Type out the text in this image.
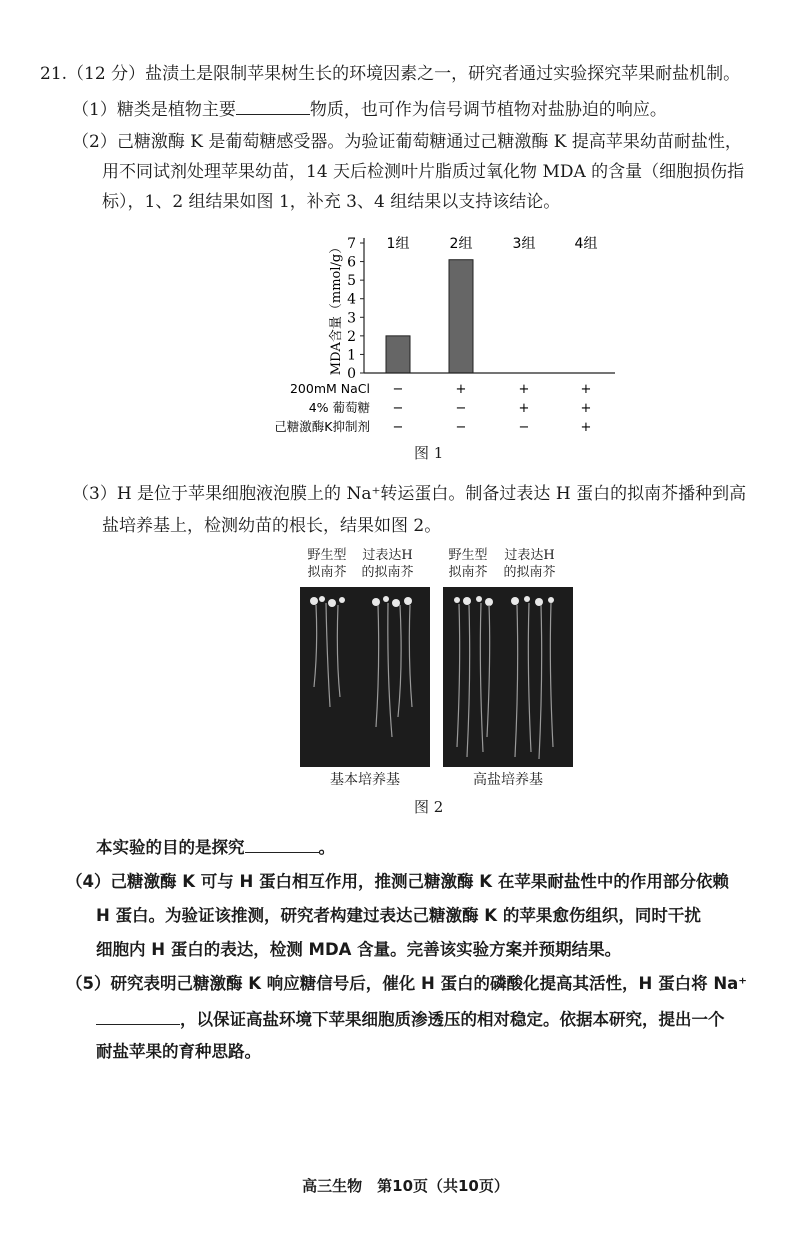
21.（12 分）盐渍土是限制苹果树生长的环境因素之一，研究者通过实验探究苹果耐盐机制。
（1）糖类是植物主要	物质，也可作为信号调节植物对盐胁迫的响应。
（2）己糖激酶 K 是葡萄糖感受器。为验证葡萄糖通过己糖激酶 K 提高苹果幼苗耐盐性，
用不同试剂处理苹果幼苗，14 天后检测叶片脂质过氧化物 MDA 的含量（细胞损伤指
标），1、2 组结果如图 1，补充 3、4 组结果以支持该结论。
MDA含量（mmol/g） 0
1
2
3
4
5
6
7 1组	2组	3组	4组
200mM NaCl −	+	+	+
4% 葡萄糖 −	−	+	+
己糖激酶K抑制剂 −	−	−	+
图 1
（3）H 是位于苹果细胞液泡膜上的 Na⁺转运蛋白。制备过表达 H 蛋白的拟南芥播种到高
盐培养基上，检测幼苗的根长，结果如图 2。
野生型
拟南芥
过表达H
的拟南芥
野生型
拟南芥
过表达H
的拟南芥
基本培养基	高盐培养基
图 2
本实验的目的是探究	。
（4）己糖激酶 K 可与 H 蛋白相互作用，推测己糖激酶 K 在苹果耐盐性中的作用部分依赖
H 蛋白。为验证该推测，研究者构建过表达己糖激酶 K 的苹果愈伤组织，同时干扰
细胞内 H 蛋白的表达，检测 MDA 含量。完善该实验方案并预期结果。
（5）研究表明己糖激酶 K 响应糖信号后，催化 H 蛋白的磷酸化提高其活性，H 蛋白将 Na⁺
，以保证高盐环境下苹果细胞质渗透压的相对稳定。依据本研究，提出一个
耐盐苹果的育种思路。
高三生物　第10页（共10页）
